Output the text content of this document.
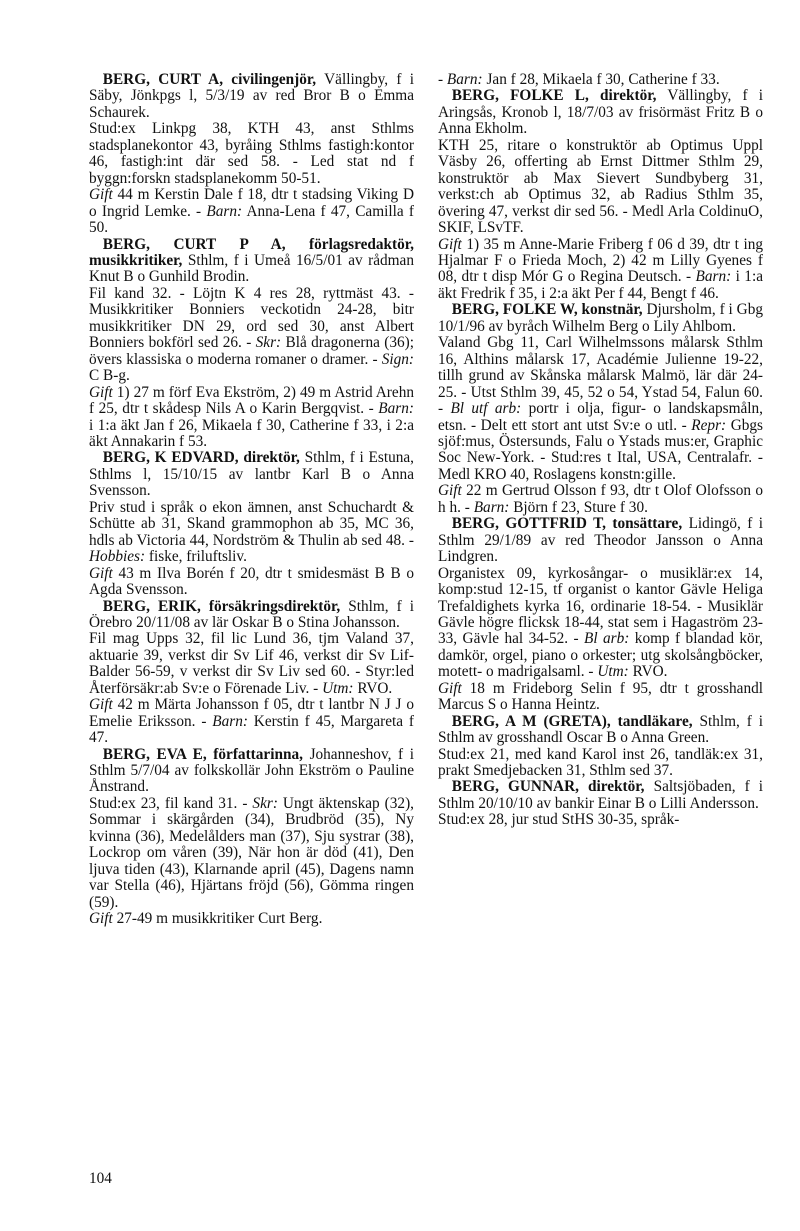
BERG, CURT A, civilingenjör, Vällingby, f i Säby, Jönkpgs l, 5/3/19 av red Bror B o Emma Schaurek.

Stud:ex Linkpg 38, KTH 43, anst Sthlms stadsplanekontor 43, byråing Sthlms fastigh:kontor 46, fastigh:int där sed 58. - Led stat nd f byggn:forskn stadsplanekomm 50-51.

Gift 44 m Kerstin Dale f 18, dtr t stadsing Viking D o Ingrid Lemke. - Barn: Anna-Lena f 47, Camilla f 50.

BERG, CURT P A, förlagsredaktör, musikkritiker, Sthlm, f i Umeå 16/5/01 av rådman Knut B o Gunhild Brodin.

Fil kand 32. - Löjtn K 4 res 28, ryttmäst 43. - Musikkritiker Bonniers veckotidn 24-28, bitr musikkritiker DN 29, ord sed 30, anst Albert Bonniers bokförl sed 26. - Skr: Blå dragonerna (36); övers klassiska o moderna romaner o dramer. - Sign: C B-g.

Gift 1) 27 m förf Eva Ekström, 2) 49 m Astrid Arehn f 25, dtr t skådesp Nils A o Karin Bergqvist. - Barn: i 1:a äkt Jan f 26, Mikaela f 30, Catherine f 33, i 2:a äkt Annakarin f 53.

BERG, K EDVARD, direktör, Sthlm, f i Estuna, Sthlms l, 15/10/15 av lantbr Karl B o Anna Svensson.

Priv stud i språk o ekon ämnen, anst Schuchardt & Schütte ab 31, Skand grammophon ab 35, MC 36, hdls ab Victoria 44, Nordström & Thulin ab sed 48. - Hobbies: fiske, friluftsliv.

Gift 43 m Ilva Borén f 20, dtr t smidesmäst B B o Agda Svensson.

BERG, ERIK, försäkringsdirektör, Sthlm, f i Örebro 20/11/08 av lär Oskar B o Stina Johansson.

Fil mag Upps 32, fil lic Lund 36, tjm Valand 37, aktuarie 39, verkst dir Sv Lif 46, verkst dir Sv Lif-Balder 56-59, v verkst dir Sv Liv sed 60. - Styr:led Återförsäkr:ab Sv:e o Förenade Liv. - Utm: RVO.

Gift 42 m Märta Johansson f 05, dtr t lantbr N J J o Emelie Eriksson. - Barn: Kerstin f 45, Margareta f 47.

BERG, EVA E, författarinna, Johanneshov, f i Sthlm 5/7/04 av folkskollär John Ekström o Pauline Ånstrand.

Stud:ex 23, fil kand 31. - Skr: Ungt äktenskap (32), Sommar i skärgården (34), Brudbröd (35), Ny kvinna (36), Medelålders man (37), Sju systrar (38), Lockrop om våren (39), När hon är död (41), Den ljuva tiden (43), Klarnande april (45), Dagens namn var Stella (46), Hjärtans fröjd (56), Gömma ringen (59).

Gift 27-49 m musikkritiker Curt Berg.

- Barn: Jan f 28, Mikaela f 30, Catherine f 33.

BERG, FOLKE L, direktör, Vällingby, f i Aringsås, Kronob l, 18/7/03 av frisörmäst Fritz B o Anna Ekholm.

KTH 25, ritare o konstruktör ab Optimus Uppl Väsby 26, offerting ab Ernst Dittmer Sthlm 29, konstruktör ab Max Sievert Sundbyberg 31, verkst:ch ab Optimus 32, ab Radius Sthlm 35, övering 47, verkst dir sed 56. - Medl Arla ColdinuO, SKIF, LSvTF.

Gift 1) 35 m Anne-Marie Friberg f 06 d 39, dtr t ing Hjalmar F o Frieda Moch, 2) 42 m Lilly Gyenes f 08, dtr t disp Mór G o Regina Deutsch. - Barn: i 1:a äkt Fredrik f 35, i 2:a äkt Per f 44, Bengt f 46.

BERG, FOLKE W, konstnär, Djursholm, f i Gbg 10/1/96 av byråch Wilhelm Berg o Lily Ahlbom.

Valand Gbg 11, Carl Wilhelmssons målarsk Sthlm 16, Althins målarsk 17, Académie Julienne 19-22, tillh grund av Skånska målarsk Malmö, lär där 24-25. - Utst Sthlm 39, 45, 52 o 54, Ystad 54, Falun 60. - Bl utf arb: portr i olja, figur- o landskapsmåln, etsn. - Delt ett stort ant utst Sv:e o utl. - Repr: Gbgs sjöf:mus, Östersunds, Falu o Ystads mus:er, Graphic Soc New-York. - Stud:res t Ital, USA, Centralafr. - Medl KRO 40, Roslagens konstn:gille.

Gift 22 m Gertrud Olsson f 93, dtr t Olof Olofsson o h h. - Barn: Björn f 23, Sture f 30.

BERG, GOTTFRID T, tonsättare, Lidingö, f i Sthlm 29/1/89 av red Theodor Jansson o Anna Lindgren.

Organistex 09, kyrkosångar- o musiklär:ex 14, komp:stud 12-15, tf organist o kantor Gävle Heliga Trefaldighets kyrka 16, ordinarie 18-54. - Musiklär Gävle högre flicksk 18-44, stat sem i Hagaström 23-33, Gävle hal 34-52. - Bl arb: komp f blandad kör, damkör, orgel, piano o orkester; utg skolsångböcker, motett- o madrigalsaml. - Utm: RVO.

Gift 18 m Frideborg Selin f 95, dtr t grosshandl Marcus S o Hanna Heintz.

BERG, A M (GRETA), tandläkare, Sthlm, f i Sthlm av grosshandl Oscar B o Anna Green.

Stud:ex 21, med kand Karol inst 26, tandläk:ex 31, prakt Smedjebacken 31, Sthlm sed 37.

BERG, GUNNAR, direktör, Saltsjöbaden, f i Sthlm 20/10/10 av bankir Einar B o Lilli Andersson.

Stud:ex 28, jur stud StHS 30-35, språk-

104
